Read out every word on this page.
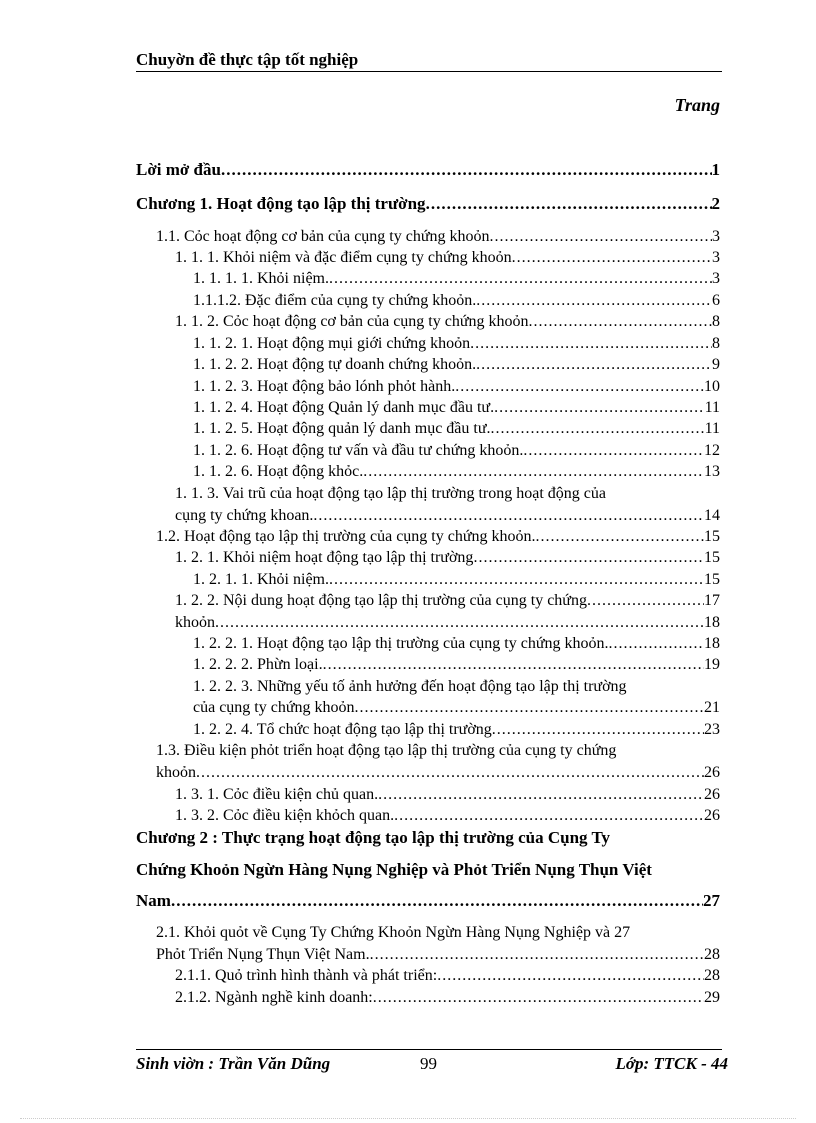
Chuyờn đề thực tập tốt nghiệp
Trang
Lời mở đầu .....	1
Chương 1. Hoạt động tạo lập thị trường .....	2
1.1. Cỏc hoạt động cơ bản của cụng ty chứng khoỏn .....	3
1. 1. 1. Khỏi niệm và đặc điểm cụng ty chứng khoỏn .....	3
1. 1. 1. 1. Khỏi niệm. .....	3
1.1.1.2. Đặc điểm của cụng ty chứng khoỏn. .....	6
1. 1. 2. Cỏc hoạt động cơ bản của cụng ty chứng khoỏn .....	8
1. 1. 2. 1. Hoạt động mụi giới chứng khoỏn .....	8
1. 1. 2. 2. Hoạt động tự doanh chứng khoỏn. .....	9
1. 1. 2. 3. Hoạt động bảo lónh phỏt hành. .....	10
1. 1. 2. 4. Hoạt động Quản lý danh mục đầu tư. .....	11
1. 1. 2. 5. Hoạt động quản lý danh mục đầu tư. .....	11
1. 1. 2. 6. Hoạt động tư vấn và đầu tư chứng khoỏn. .....	12
1. 1. 2. 6. Hoạt động khỏc. .....	13
1. 1. 3. Vai trũ của hoạt động tạo lập thị trường trong hoạt động của
cụng ty chứng khoan. .....	14
1.2. Hoạt động tạo lập thị trường của cụng ty chứng khoỏn. .....	15
1. 2. 1. Khỏi niệm hoạt động tạo lập thị trường .....	15
1. 2. 1. 1. Khỏi niệm. .....	15
1. 2. 2. Nội dung hoạt động tạo lập thị trường của cụng ty chứng .....	17
khoỏn .....	18
1. 2. 2. 1. Hoạt động tạo lập thị trường của cụng ty chứng khoỏn. .....	18
1. 2. 2. 2. Phừn loại. .....	19
1. 2. 2. 3. Những yếu tố ảnh hưởng đến hoạt động tạo lập thị trường
của cụng ty chứng khoỏn .....	21
1. 2. 2. 4. Tổ chức hoạt động tạo lập thị trường .....	23
1.3. Điều kiện phỏt triển hoạt động tạo lập thị trường của cụng ty chứng
khoỏn .....	26
1. 3. 1. Cỏc điều kiện chủ quan. .....	26
1. 3. 2. Cỏc điều kiện khỏch quan. .....	26
Chương 2 : Thực trạng hoạt động tạo lập thị trường của Cụng Ty
Chứng Khoỏn Ngừn Hàng Nụng Nghiệp và Phỏt Triển Nụng Thụn Việt
Nam .....	27
2.1. Khỏi quỏt về Cụng Ty Chứng Khoỏn Ngừn Hàng Nụng Nghiệp và 27
Phỏt Triển Nụng Thụn Việt Nam. .....	28
2.1.1. Quỏ trình hình thành và phát triển: .....	28
2.1.2. Ngành nghề kinh doanh: .....	29
Sinh viờn : Trần Văn Dũng	99	Lớp: TTCK - 44
